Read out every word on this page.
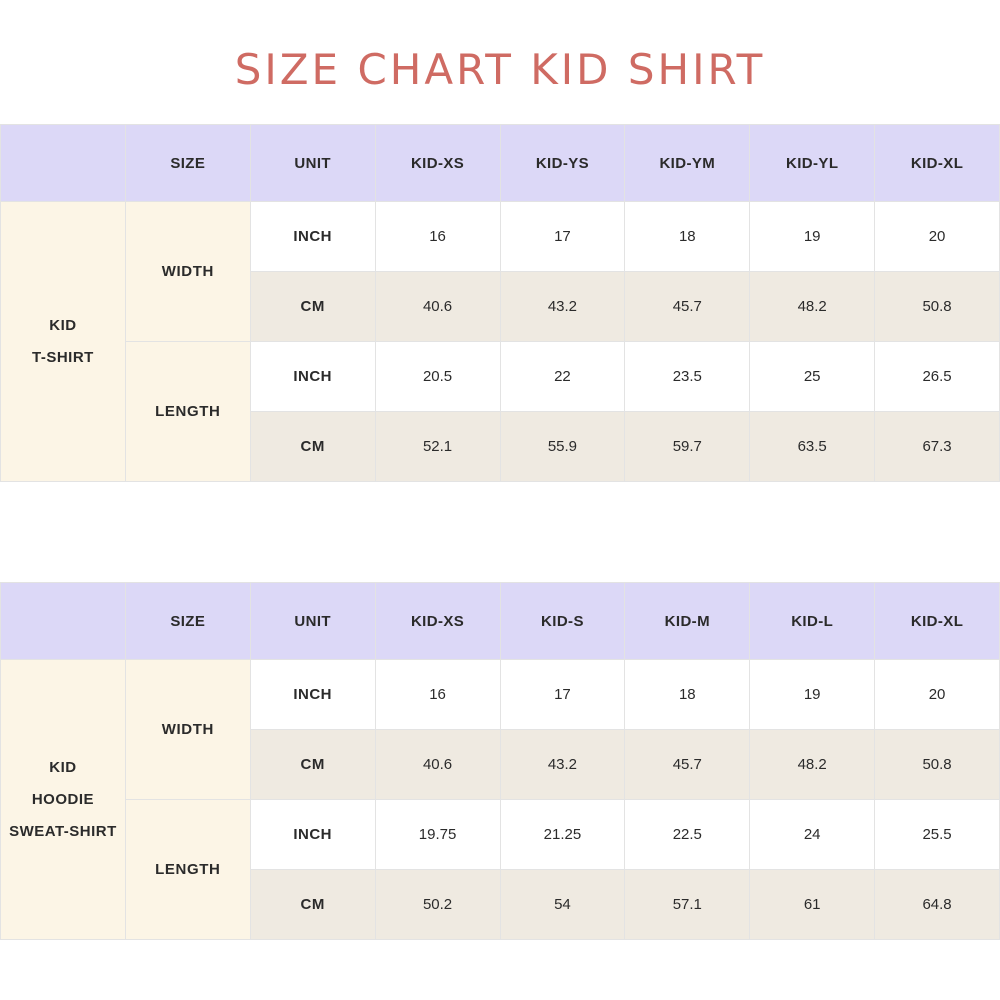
SIZE CHART KID SHIRT
	SIZE	UNIT	KID-XS	KID-YS	KID-YM	KID-YL	KID-XL

KID
T-SHIRT	WIDTH	INCH	16	17	18	19	20
		CM	40.6	43.2	45.7	48.2	50.8
	LENGTH	INCH	20.5	22	23.5	25	26.5
		CM	52.1	55.9	59.7	63.5	67.3
	SIZE	UNIT	KID-XS	KID-S	KID-M	KID-L	KID-XL

KID
HOODIE SWEAT-SHIRT	WIDTH	INCH	16	17	18	19	20
		CM	40.6	43.2	45.7	48.2	50.8
	LENGTH	INCH	19.75	21.25	22.5	24	25.5
		CM	50.2	54	57.1	61	64.8
